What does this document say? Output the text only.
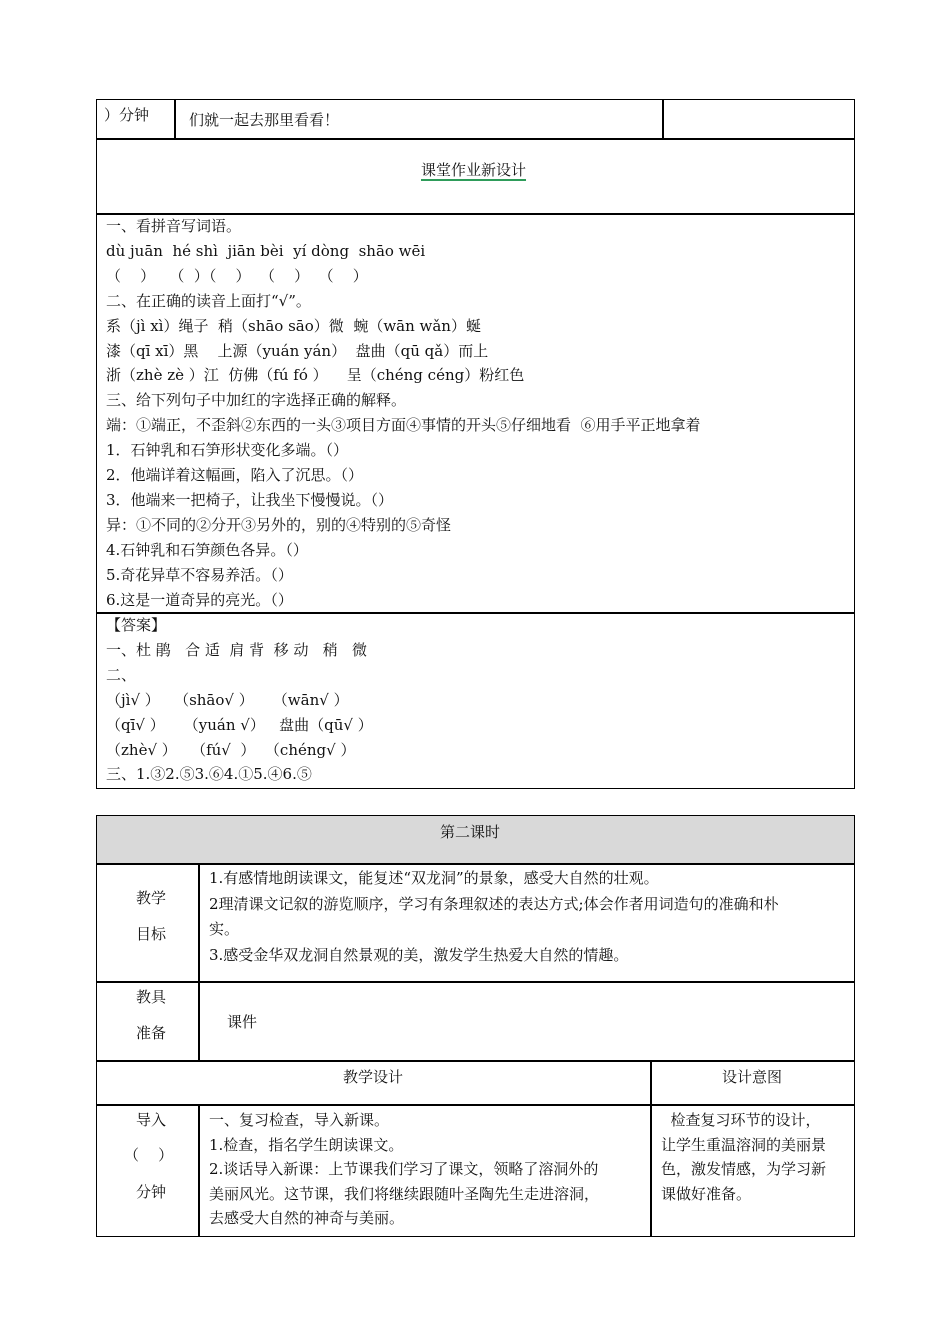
）分钟	们就一起去那里看看！
课堂作业新设计
一、看拼音写词语。
dù juān  hé shì  jiān bèi  yí dòng  shāo wēi
（    ）   （  ）（    ）  （    ）  （    ）
二、在正确的读音上面打“√”。
系（jì xì）绳子  稍（shāo sāo）微  蜿（wān wǎn）蜒
漆（qī xī）黑    上源（yuán yán）  盘曲（qū qǎ）而上
浙（zhè zè ）江  仿佛（fú fó ）    呈（chéng céng）粉红色
三、给下列句子中加红的字选择正确的解释。
端：①端正，不歪斜②东西的一头③项目方面④事情的开头⑤仔细地看  ⑥用手平正地拿着
1．石钟乳和石笋形状变化多端。（）
2．他端详着这幅画，陷入了沉思。（）
3．他端来一把椅子，让我坐下慢慢说。（）
异：①不同的②分开③另外的，别的④特别的⑤奇怪
4.石钟乳和石笋颜色各异。（）
5.奇花异草不容易养活。（）
6.这是一道奇异的亮光。（）
【答案】
一、杜 鹃   合 适  肩 背  移 动   稍   微
二、
（jì√ ）   （shāo√ ）    （wān√ ）
（qī√ ）    （yuán √）   盘曲（qū√ ）
（zhè√ ）   （fú√  ）  （chéng√ ）
三、1.③2.⑤3.⑥4.①5.④6.⑤
第二课时
教学
目标
1.有感情地朗读课文，能复述“双龙洞”的景象，感受大自然的壮观。
2理清课文记叙的游览顺序，学习有条理叙述的表达方式;体会作者用词造句的准确和朴
实。
3.感受金华双龙洞自然景观的美，激发学生热爱大自然的情趣。
教具
准备
课件
教学设计	设计意图
导入
（    ）
分钟
一、复习检查，导入新课。
1.检查，指名学生朗读课文。
2.谈话导入新课：上节课我们学习了课文，领略了溶洞外的
美丽风光。这节课，我们将继续跟随叶圣陶先生走进溶洞，
去感受大自然的神奇与美丽。
检查复习环节的设计，
让学生重温溶洞的美丽景
色，激发情感，为学习新
课做好准备。
